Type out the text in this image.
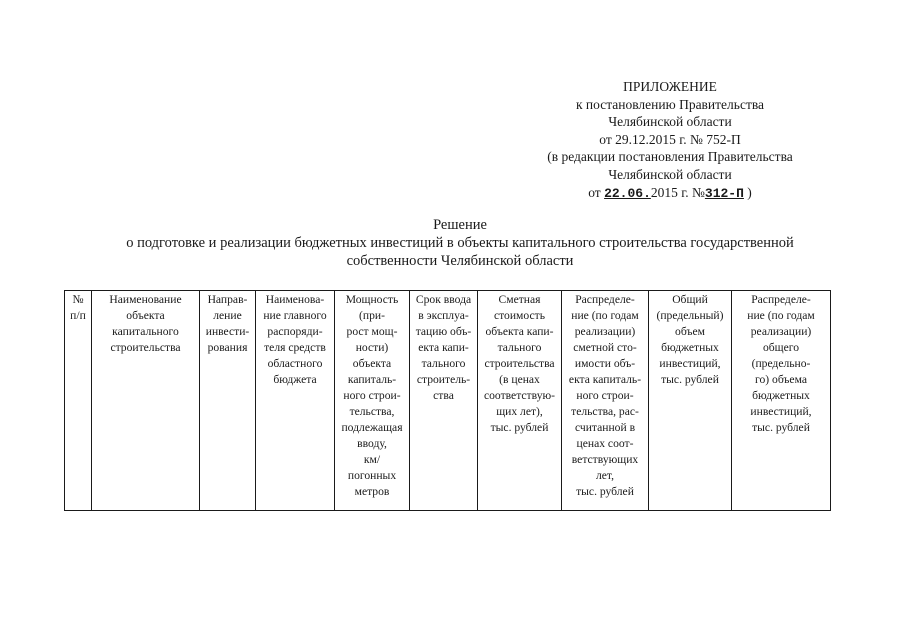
ПРИЛОЖЕНИЕ
к постановлению Правительства
Челябинской области
от 29.12.2015 г. № 752-П
(в редакции постановления Правительства
Челябинской области
от 22.06.2015 г. №312-П )
Решение
о подготовке и реализации бюджетных инвестиций в объекты капитального строительства государственной
собственности Челябинской области
№
п/п

Наименование
объекта
капитального
строительства

Направ-
ление
инвести-
рования

Наименова-
ние главного
распоряди-
теля средств
областного
бюджета

Мощность
(при-
рост мощ-
ности)
объекта
капиталь-
ного строи-
тельства,
подлежащая
вводу,
км/
погонных
метров

Срок ввода
в эксплуа-
тацию объ-
екта капи-
тального
строитель-
ства

Сметная
стоимость
объекта капи-
тального
строительства
(в ценах
соответствую-
щих лет),
тыс. рублей

Распределе-
ние (по годам
реализации)
сметной сто-
имости объ-
екта капиталь-
ного строи-
тельства, рас-
считанной в
ценах соот-
ветствующих
лет,
тыс. рублей

Общий
(предельный)
объем
бюджетных
инвестиций,
тыс. рублей

Распределе-
ние (по годам
реализации)
общего
(предельно-
го) объема
бюджетных
инвестиций,
тыс. рублей
